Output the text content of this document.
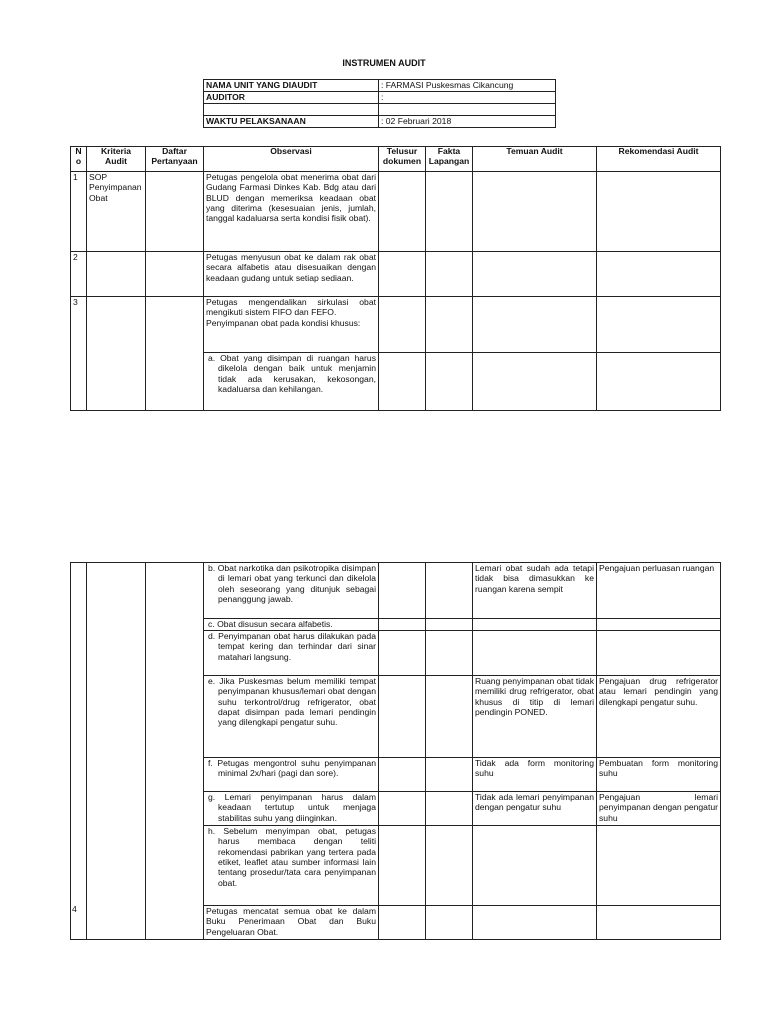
INSTRUMEN AUDIT
NAMA UNIT YANG DIAUDIT	: FARMASI Puskesmas Cikancung
AUDITOR	:

WAKTU PELAKSANAAN	: 02 Februari 2018
N o	Kriteria Audit	Daftar Pertanyaan	Observasi	Telusur dokumen	Fakta Lapangan	Temuan Audit	Rekomendasi Audit
1	SOP Penyimpanan Obat		Petugas pengelola obat menerima obat dari Gudang Farmasi Dinkes Kab. Bdg atau dari BLUD dengan memeriksa keadaan obat yang diterima (kesesuaian jenis, jumlah, tanggal kadaluarsa serta kondisi fisik obat).				
2			Petugas menyusun obat ke dalam rak obat secara alfabetis atau disesuaikan dengan keadaan gudang untuk setiap sediaan.				
3			Petugas mengendalikan sirkulasi obat mengikuti sistem FIFO dan FEFO.
Penyimpanan obat pada kondisi khusus:				

			a. Obat yang disimpan di ruangan harus dikelola dengan baik untuk menjamin tidak ada kerusakan, kekosongan, kadaluarsa dan kehilangan.				
			b. Obat narkotika dan psikotropika disimpan di lemari obat yang terkunci dan dikelola oleh seseorang yang ditunjuk sebagai penanggung jawab.			Lemari obat sudah ada tetapi tidak bisa dimasukkan ke ruangan karena sempit	Pengajuan perluasan ruangan
			c. Obat disusun secara alfabetis.				
			d. Penyimpanan obat harus dilakukan pada tempat kering dan terhindar dari sinar matahari langsung.				
			e. Jika Puskesmas belum memiliki tempat penyimpanan khusus/lemari obat dengan suhu terkontrol/drug refrigerator, obat dapat disimpan pada lemari pendingin yang dilengkapi pengatur suhu.			Ruang penyimpanan obat tidak memiliki drug refrigerator, obat khusus di titip di lemari pendingin PONED.	Pengajuan drug refrigerator atau lemari pendingin yang dilengkapi pengatur suhu.
			f. Petugas mengontrol suhu penyimpanan minimal 2x/hari (pagi dan sore).			Tidak ada form monitoring suhu	Pembuatan form monitoring suhu
			g. Lemari penyimpanan harus dalam keadaan tertutup untuk menjaga stabilitas suhu yang diinginkan.			Tidak ada lemari penyimpanan dengan pengatur suhu	Pengajuan lemari penyimpanan dengan pengatur suhu
			h. Sebelum menyimpan obat, petugas harus membaca dengan teliti rekomendasi pabrikan yang tertera pada etiket, leaflet atau sumber informasi lain tentang prosedur/tata cara penyimpanan obat.				
			Petugas mencatat semua obat ke dalam Buku Penerimaan Obat dan Buku Pengeluaran Obat.				
4
